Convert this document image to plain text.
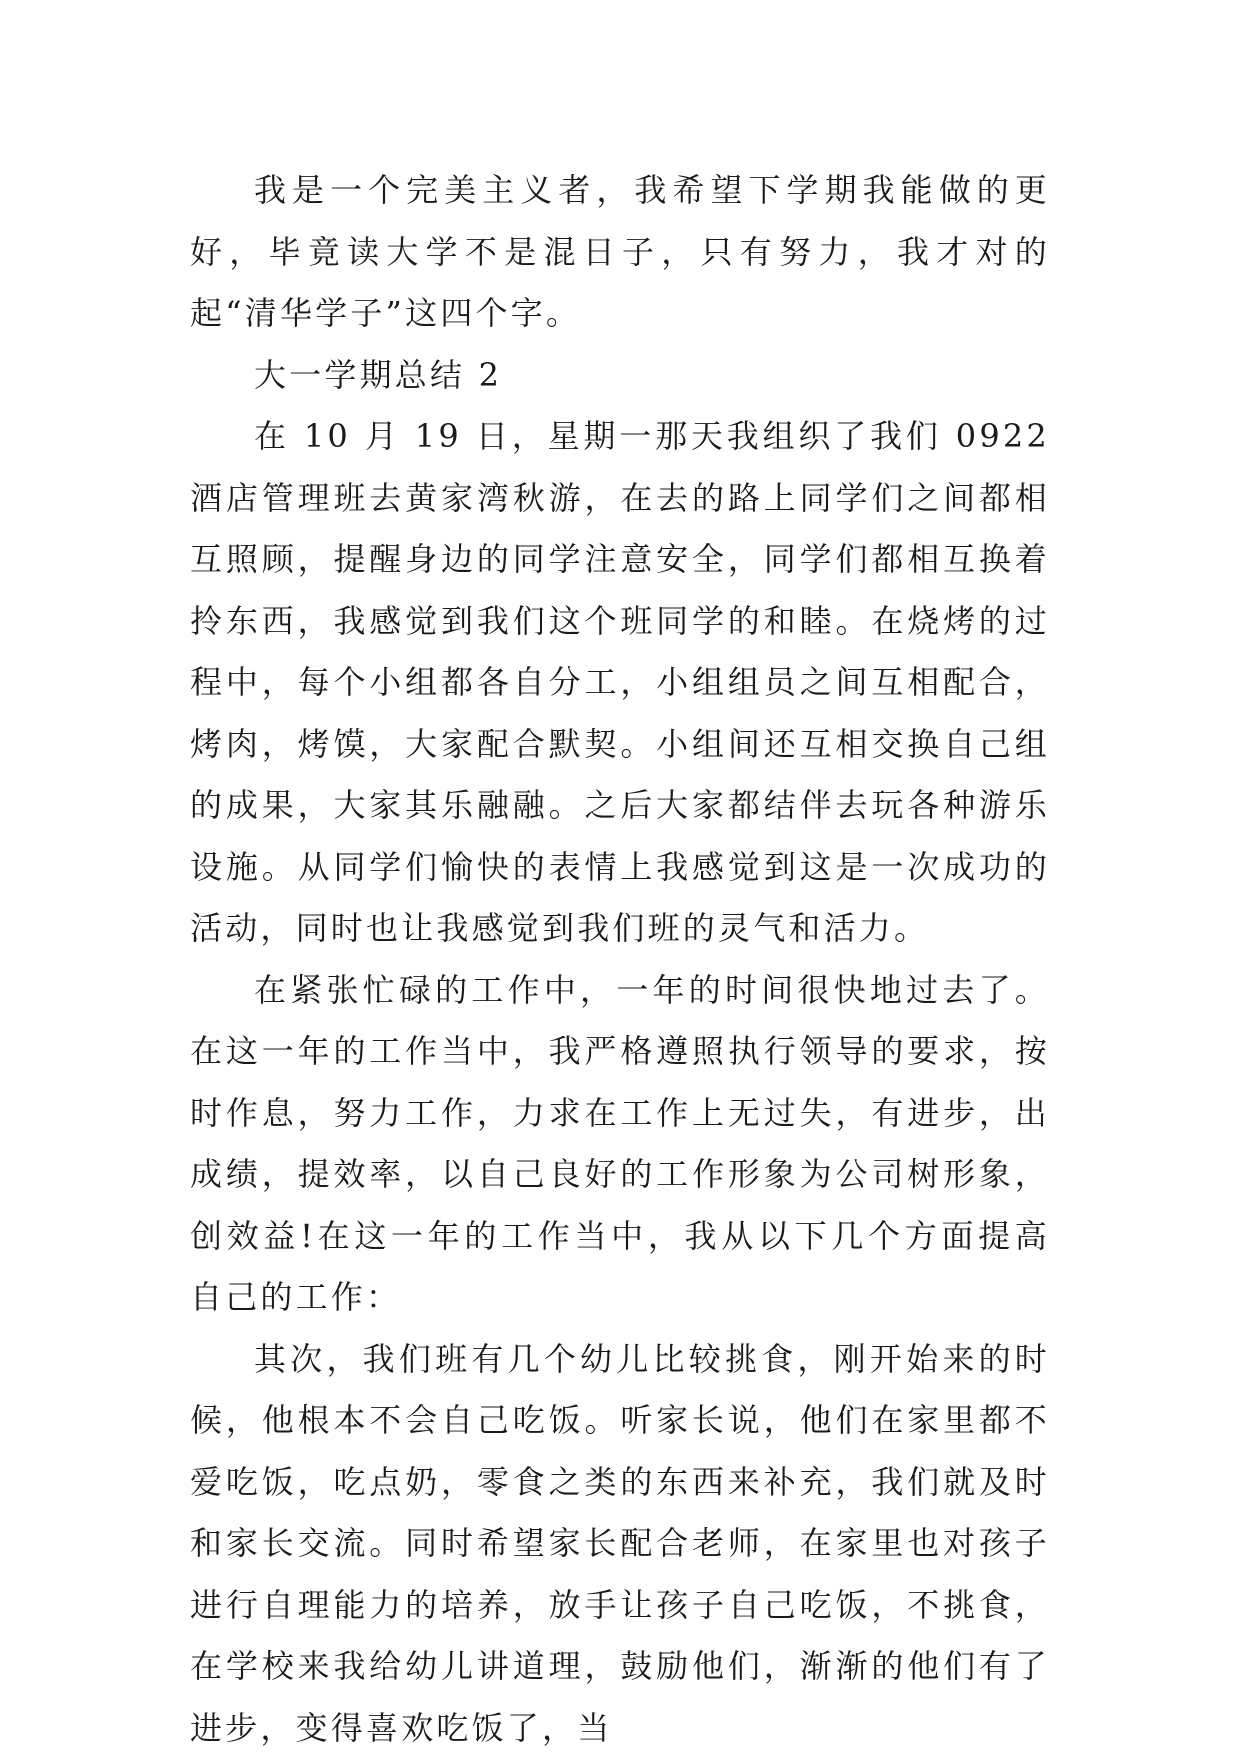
我是一个完美主义者，我希望下学期我能做的更好，毕竟读大学不是混日子，只有努力，我才对的起“清华学子”这四个字。

大一学期总结 2

在 10 月 19 日，星期一那天我组织了我们 0922 酒店管理班去黄家湾秋游，在去的路上同学们之间都相互照顾，提醒身边的同学注意安全，同学们都相互换着拎东西，我感觉到我们这个班同学的和睦。在烧烤的过程中，每个小组都各自分工，小组组员之间互相配合，烤肉，烤馍，大家配合默契。小组间还互相交换自己组的成果，大家其乐融融。之后大家都结伴去玩各种游乐设施。从同学们愉快的表情上我感觉到这是一次成功的活动，同时也让我感觉到我们班的灵气和活力。

在紧张忙碌的工作中，一年的时间很快地过去了。在这一年的工作当中，我严格遵照执行领导的要求，按时作息，努力工作，力求在工作上无过失，有进步，出成绩，提效率，以自己良好的工作形象为公司树形象，创效益!在这一年的工作当中，我从以下几个方面提高自己的工作：

其次，我们班有几个幼儿比较挑食，刚开始来的时候，他根本不会自己吃饭。听家长说，他们在家里都不爱吃饭，吃点奶，零食之类的东西来补充，我们就及时和家长交流。同时希望家长配合老师，在家里也对孩子进行自理能力的培养，放手让孩子自己吃饭，不挑食，在学校来我给幼儿讲道理，鼓励他们，渐渐的他们有了进步，变得喜欢吃饭了，当
